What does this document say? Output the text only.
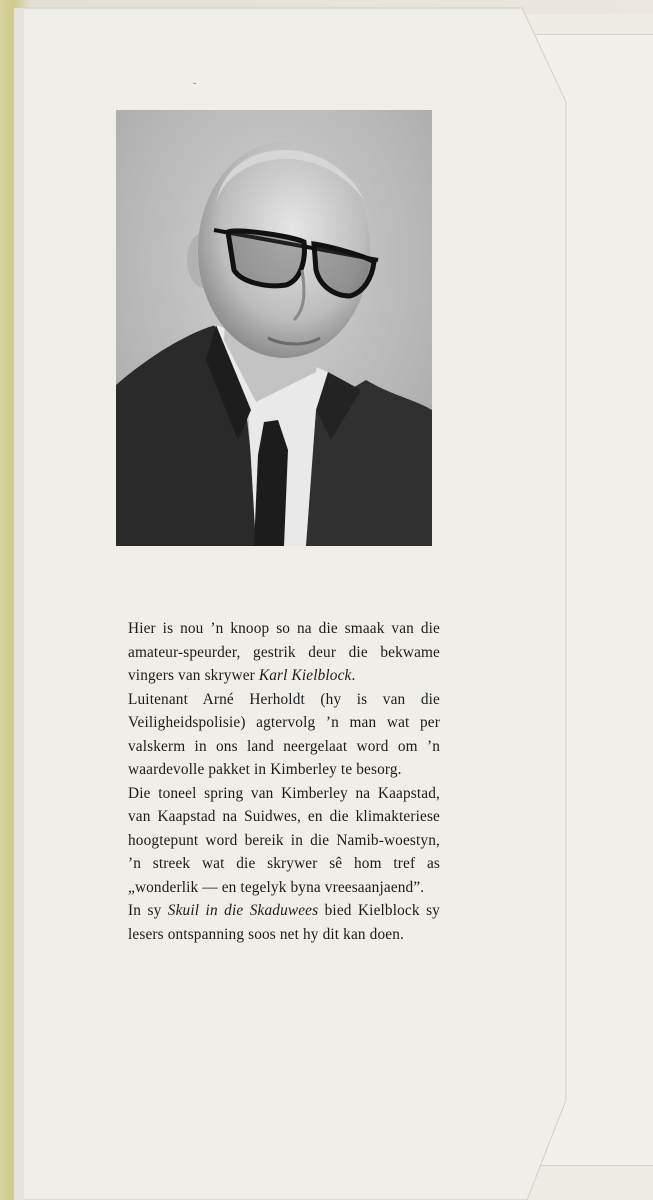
˘

Hier is nou ’n knoop so na die smaak van die amateur-speurder, gestrik deur die bekwame vingers van skrywer Karl Kielblock.

Luitenant Arné Herholdt (hy is van die Veiligheidspolisie) agtervolg ’n man wat per valskerm in ons land neergelaat word om ’n waardevolle pakket in Kimberley te besorg.

Die toneel spring van Kimberley na Kaapstad, van Kaapstad na Suidwes, en die klimakteriese hoogtepunt word bereik in die Namib-woestyn, ’n streek wat die skrywer sê hom tref as „wonderlik — en tegelyk byna vreesaanjaend”.

In sy Skuil in die Skaduwees bied Kielblock sy lesers ontspanning soos net hy dit kan doen.
